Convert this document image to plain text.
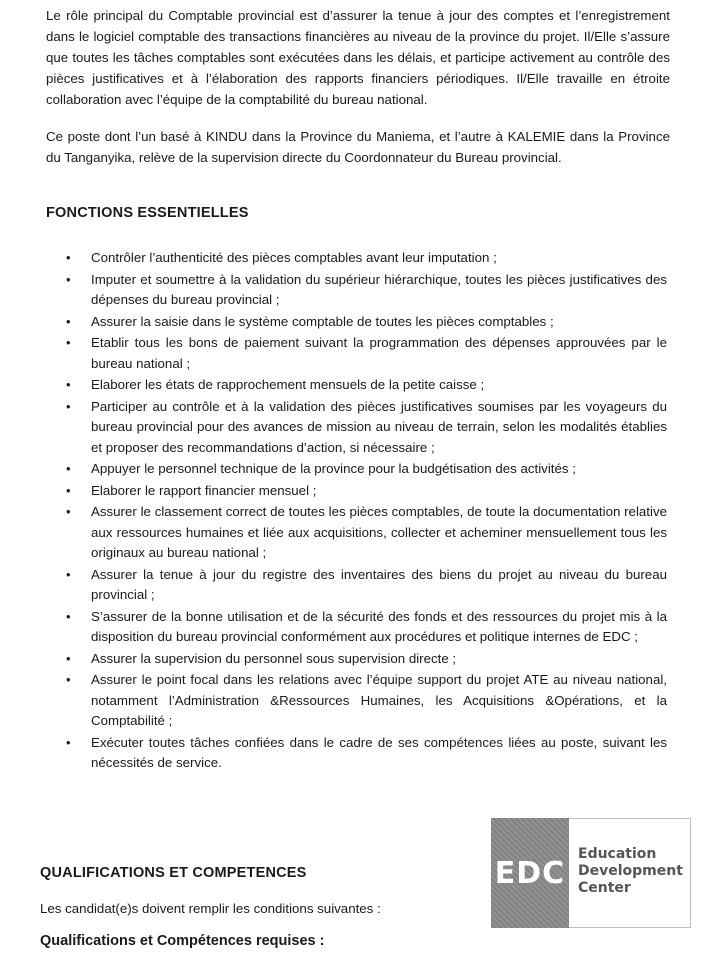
Le rôle principal du Comptable provincial est d’assurer la tenue à jour des comptes et l’enregistrement dans le logiciel comptable des transactions financières au niveau de la province du projet. Il/Elle s’assure que toutes les tâches comptables sont exécutées dans les délais, et participe activement au contrôle des pièces justificatives et à l’élaboration des rapports financiers périodiques. Il/Elle travaille en étroite collaboration avec l’équipe de la comptabilité du bureau national.

Ce poste dont l’un basé à KINDU dans la Province du Maniema, et l’autre à KALEMIE dans la Province du Tanganyika, relève de la supervision directe du Coordonnateur du Bureau provincial.

FONCTIONS ESSENTIELLES
• Contrôler l’authenticité des pièces comptables avant leur imputation ;
• Imputer et soumettre à la validation du supérieur hiérarchique, toutes les pièces justificatives des dépenses du bureau provincial ;
• Assurer la saisie dans le système comptable de toutes les pièces comptables ;
• Etablir tous les bons de paiement suivant la programmation des dépenses approuvées par le bureau national ;
• Elaborer les états de rapprochement mensuels de la petite caisse ;
• Participer au contrôle et à la validation des pièces justificatives soumises par les voyageurs du bureau provincial pour des avances de mission au niveau de terrain, selon les modalités établies et proposer des recommandations d’action, si nécessaire ;
• Appuyer le personnel technique de la province pour la budgétisation des activités ;
• Elaborer le rapport financier mensuel ;
• Assurer le classement correct de toutes les pièces comptables, de toute la documentation relative aux ressources humaines et liée aux acquisitions, collecter et acheminer mensuellement tous les originaux au bureau national ;
• Assurer la tenue à jour du registre des inventaires des biens du projet au niveau du bureau provincial ;
• S’assurer de la bonne utilisation et de la sécurité des fonds et des ressources du projet mis à la disposition du bureau provincial conformément aux procédures et politique internes de EDC ;
• Assurer la supervision du personnel sous supervision directe ;
• Assurer le point focal dans les relations avec l’équipe support du projet ATE au niveau national, notamment l’Administration &Ressources Humaines, les Acquisitions &Opérations, et la Comptabilité ;
• Exécuter toutes tâches confiées dans le cadre de ses compétences liées au poste, suivant les nécessités de service.
QUALIFICATIONS ET COMPETENCES

Les candidat(e)s doivent remplir les conditions suivantes :

Qualifications et Compétences requises :

EDC
Education
Development
Center
